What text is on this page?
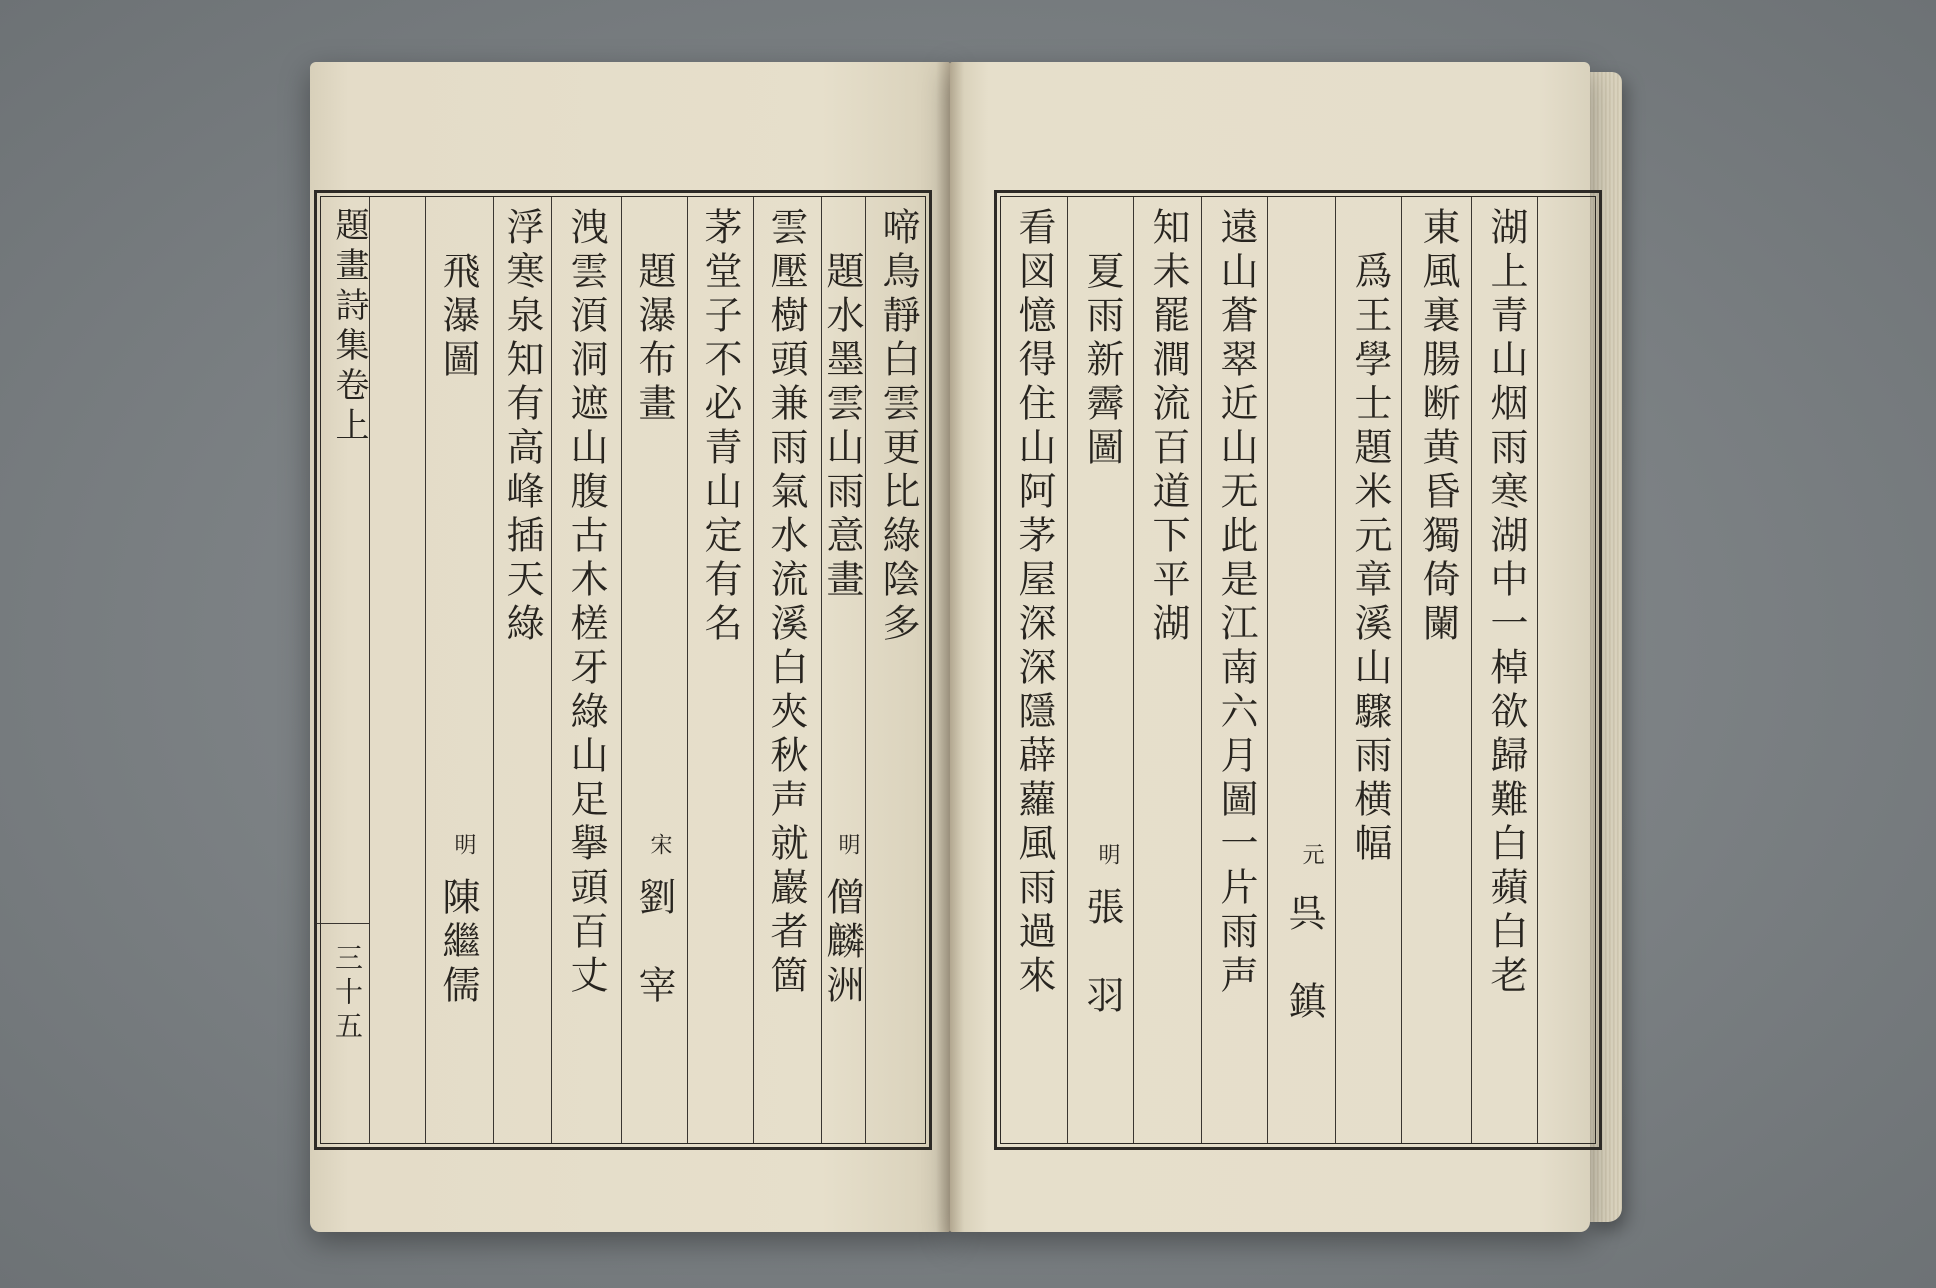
題畫詩集卷上
三十五
啼鳥靜白雲更比綠陰多
題水墨雲山雨意畫
明
僧麟洲
雲壓樹頭兼雨氣水流溪白夾秋声就巖者箇
茅堂子不必青山定有名
題瀑布畫
宋
劉　宰
洩雲湏洞遮山腹古木槎牙綠山足擧頭百丈
浮寒泉知有高峰插天綠
飛瀑圖
明
陳繼儒	湖上青山烟雨寒湖中一棹欲歸難白蘋白老
東風裏腸断黄昏獨倚闌
爲王學士題米元章溪山驟雨横幅
元
呉　鎮
遠山蒼翠近山无此是江南六月圖一片雨声
知未罷澗流百道下平湖
夏雨新霽圖
明
張　羽
看図憶得住山阿茅屋深深隱薜蘿風雨過來
